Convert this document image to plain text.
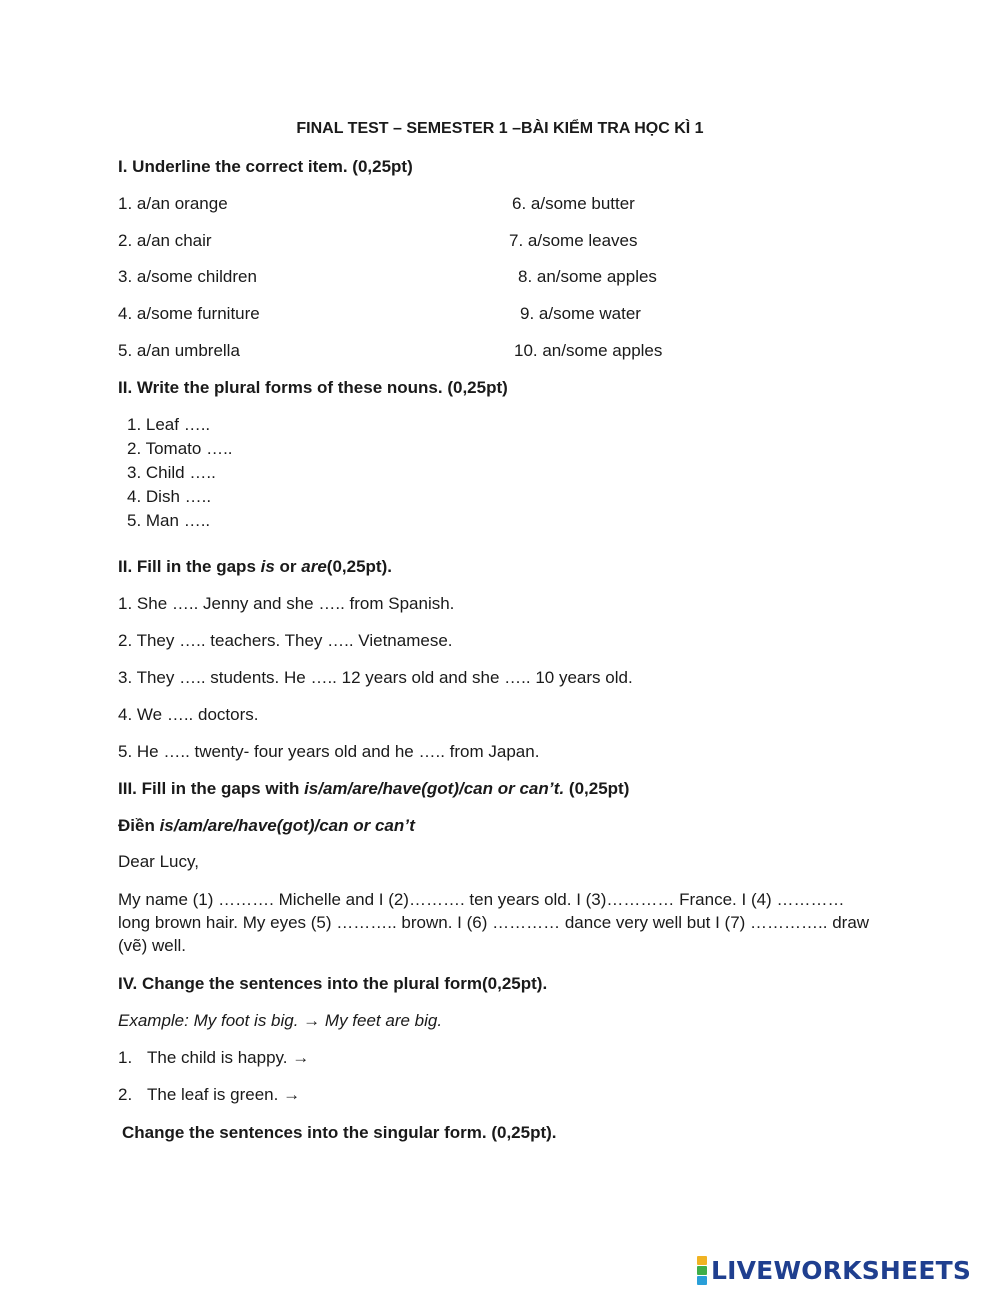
FINAL TEST – SEMESTER 1 –BÀI KIỂM TRA HỌC KÌ 1
I. Underline the correct item. (0,25pt)
1. a/an orange
2. a/an chair
3. a/some children
4. a/some furniture
5. a/an umbrella
6. a/some butter
7. a/some leaves
8. an/some apples
9. a/some water
10. an/some apples
II. Write the plural forms of these nouns. (0,25pt)
1. Leaf …..
2. Tomato …..
3. Child …..
4. Dish …..
5. Man …..
II. Fill in the gaps is or are(0,25pt).
1. She ….. Jenny and she ….. from Spanish.
2. They ….. teachers. They ….. Vietnamese.
3. They ….. students. He ….. 12 years old and she ….. 10 years old.
4. We ….. doctors.
5. He ….. twenty- four years old and he ….. from Japan.
III. Fill in the gaps with is/am/are/have(got)/can or can’t. (0,25pt)
Điền is/am/are/have(got)/can or can’t
Dear Lucy,
My name (1) ………. Michelle and I (2)………. ten years old. I (3)………… France. I (4) ………… long brown hair. My eyes (5) ……….. brown. I (6) ………… dance very well but I (7) ………….. draw (vẽ) well.
IV. Change the sentences into the plural form(0,25pt).
Example: My foot is big. → My feet are big.
1. The child is happy. →
2. The leaf is green. →
Change the sentences into the singular form. (0,25pt).
LIVEWORKSHEETS
